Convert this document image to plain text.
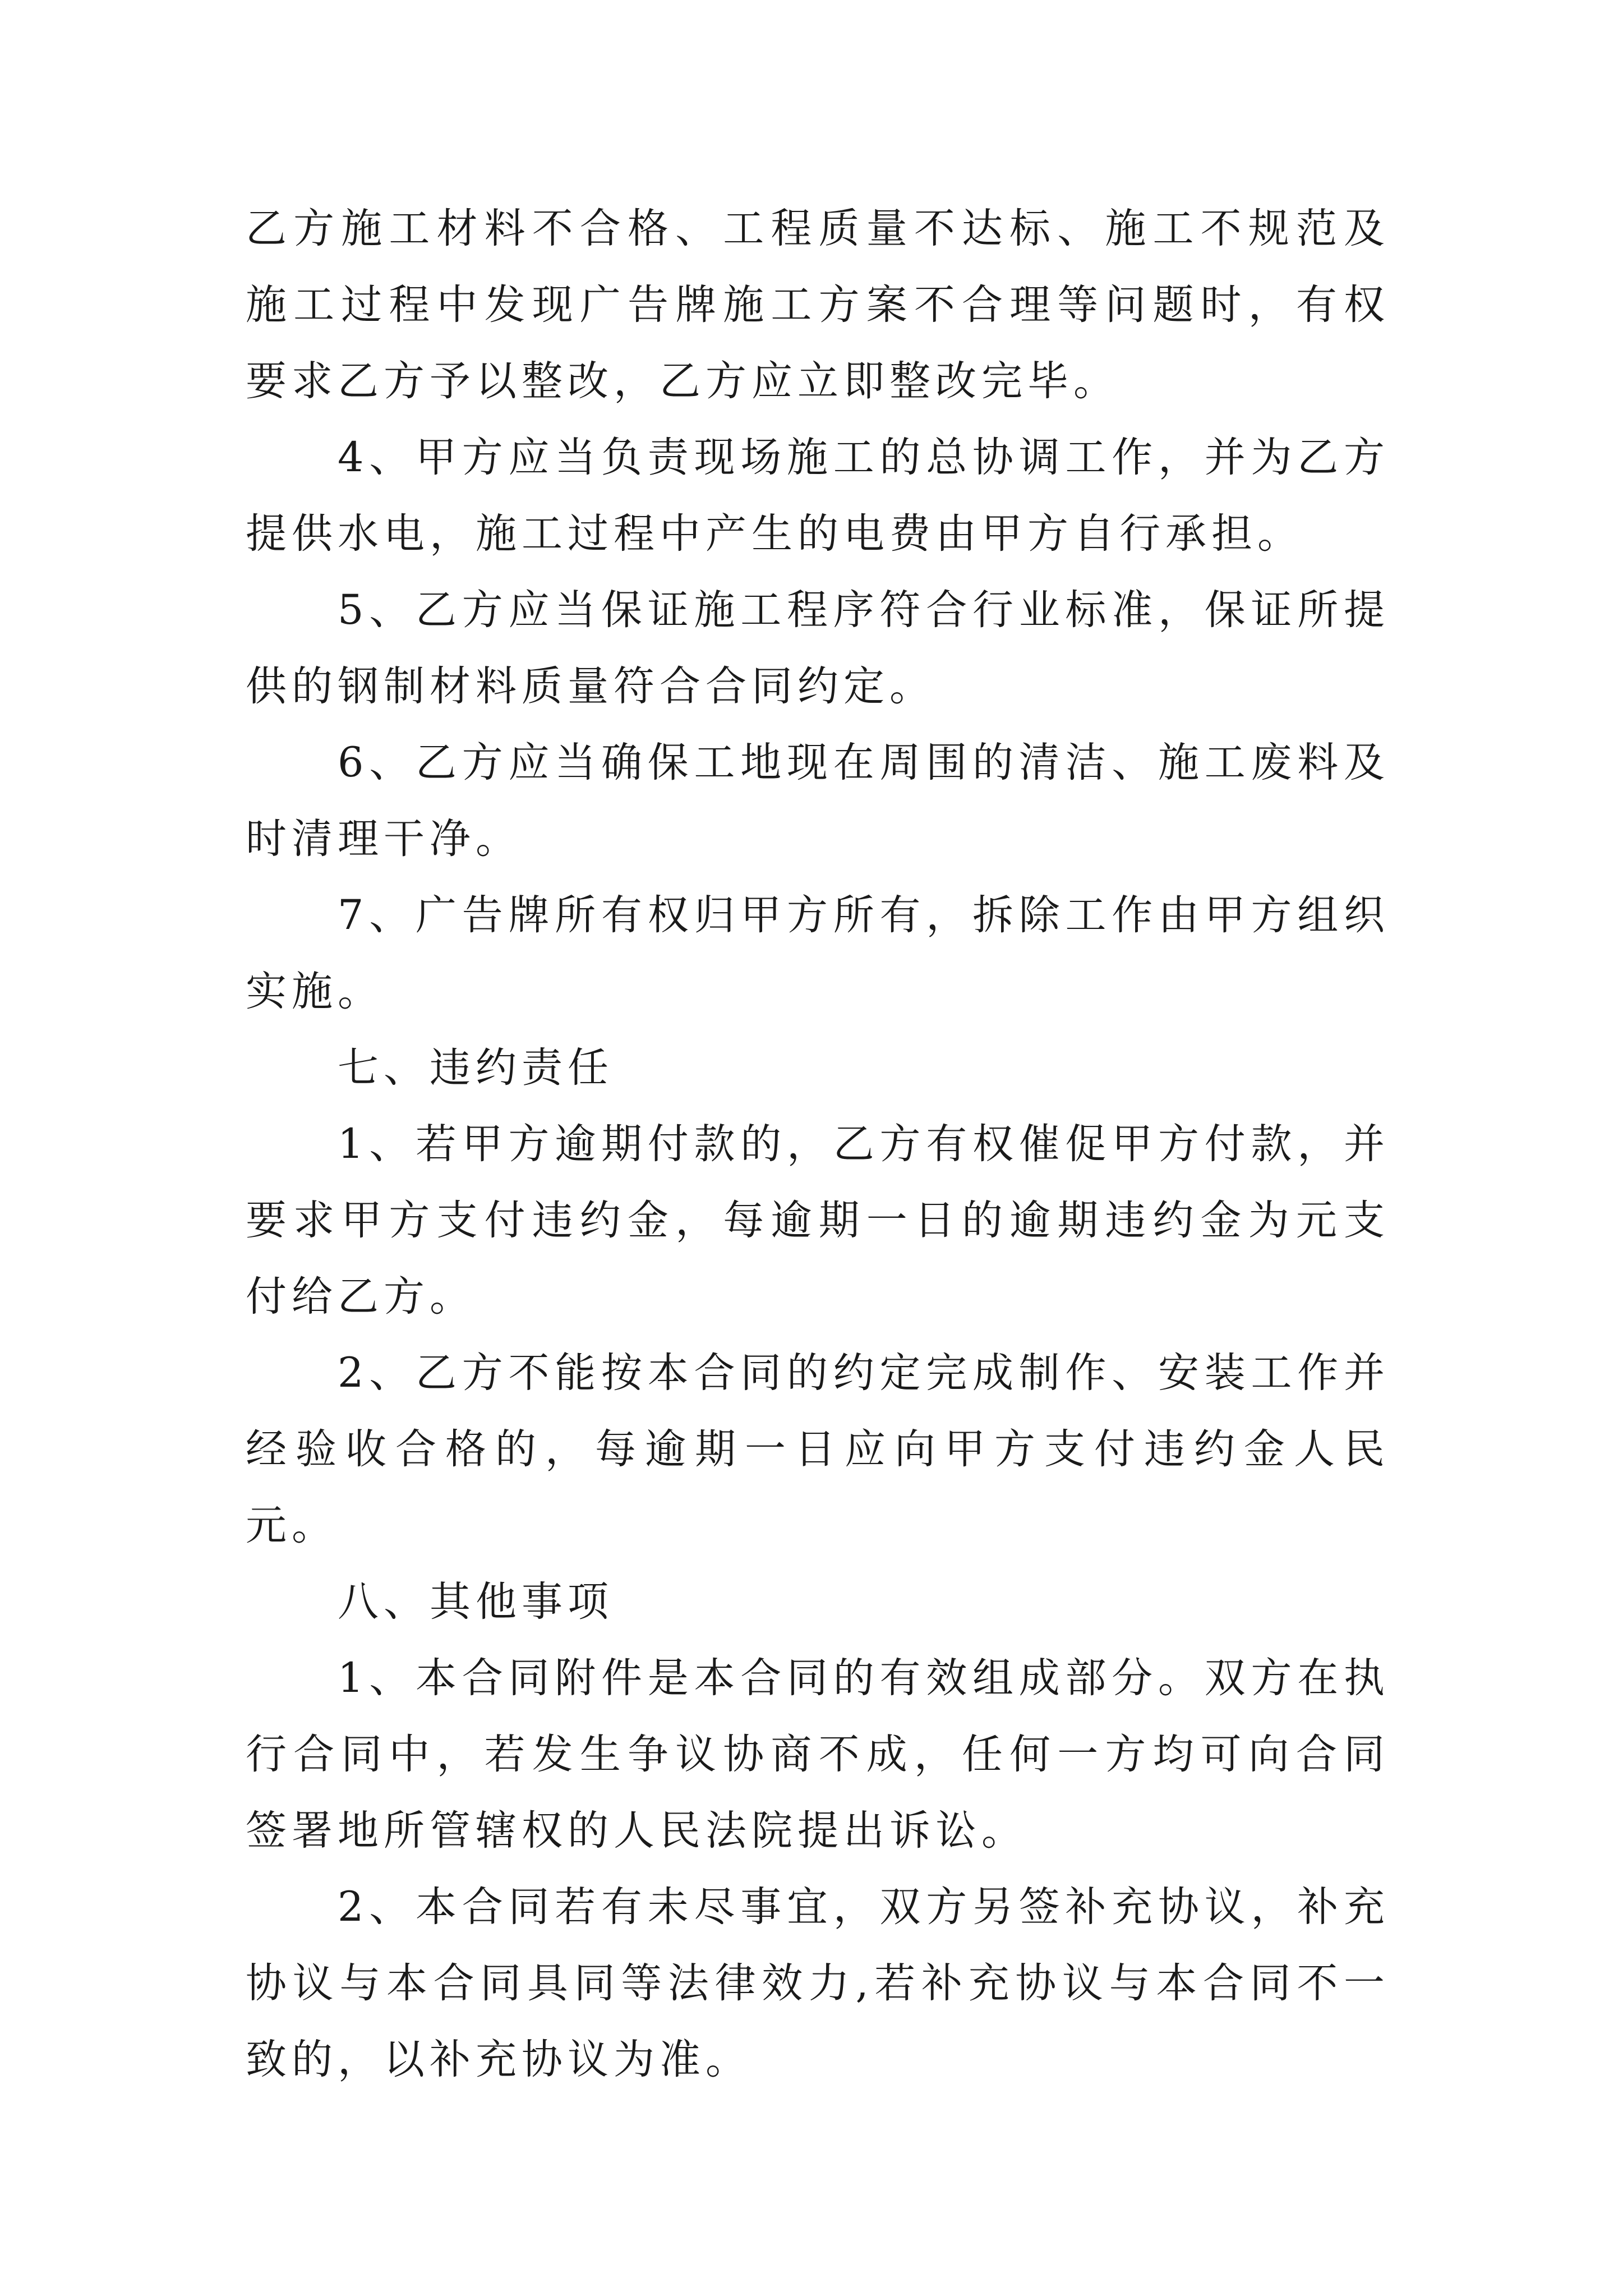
乙方施工材料不合格、工程质量不达标、施工不规范及施工过程中发现广告牌施工方案不合理等问题时，有权要求乙方予以整改，乙方应立即整改完毕。

4、甲方应当负责现场施工的总协调工作，并为乙方提供水电，施工过程中产生的电费由甲方自行承担。

5、乙方应当保证施工程序符合行业标准，保证所提供的钢制材料质量符合合同约定。

6、乙方应当确保工地现在周围的清洁、施工废料及时清理干净。

7、广告牌所有权归甲方所有，拆除工作由甲方组织实施。

七、违约责任

1、若甲方逾期付款的，乙方有权催促甲方付款，并要求甲方支付违约金，每逾期一日的逾期违约金为元支付给乙方。

2、乙方不能按本合同的约定完成制作、安装工作并经验收合格的，每逾期一日应向甲方支付违约金人民元。

八、其他事项

1、本合同附件是本合同的有效组成部分。双方在执行合同中，若发生争议协商不成，任何一方均可向合同签署地所管辖权的人民法院提出诉讼。

2、本合同若有未尽事宜，双方另签补充协议，补充协议与本合同具同等法律效力,若补充协议与本合同不一致的，以补充协议为准。
